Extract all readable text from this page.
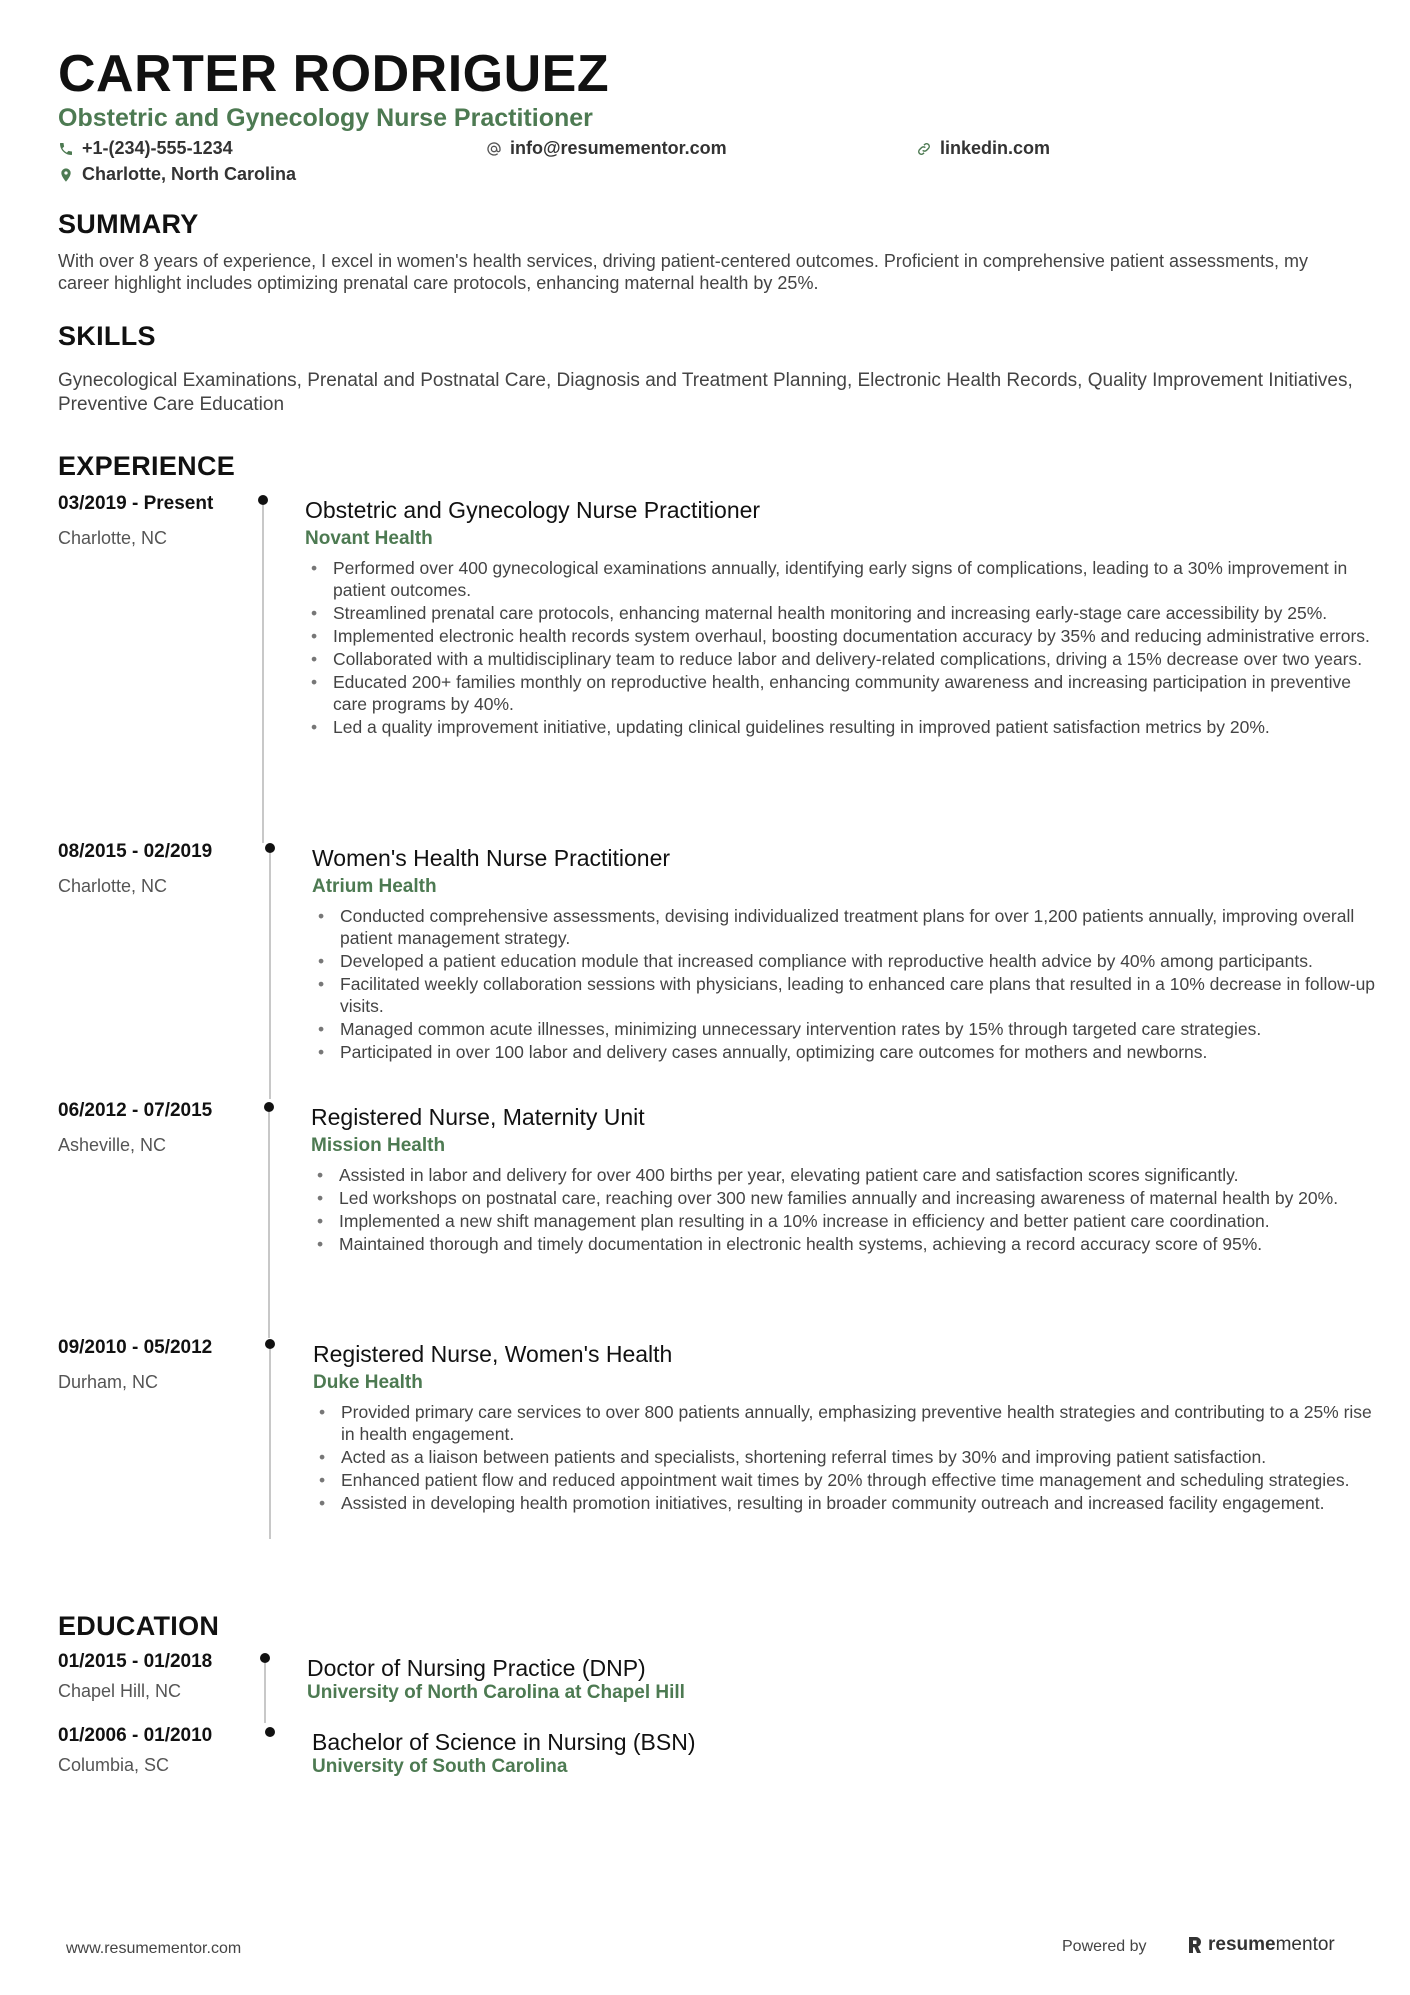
CARTER RODRIGUEZ
Obstetric and Gynecology Nurse Practitioner
+1-(234)-555-1234	info@resumementor.com	linkedin.com
Charlotte, North Carolina
SUMMARY
With over 8 years of experience, I excel in women's health services, driving patient-centered outcomes. Proficient in comprehensive patient assessments, my career highlight includes optimizing prenatal care protocols, enhancing maternal health by 25%.
SKILLS
Gynecological Examinations, Prenatal and Postnatal Care, Diagnosis and Treatment Planning, Electronic Health Records, Quality Improvement Initiatives, Preventive Care Education
EXPERIENCE
03/2019 - Present
Charlotte, NC
Obstetric and Gynecology Nurse Practitioner
Novant Health
• Performed over 400 gynecological examinations annually, identifying early signs of complications, leading to a 30% improvement in patient outcomes.
• Streamlined prenatal care protocols, enhancing maternal health monitoring and increasing early-stage care accessibility by 25%.
• Implemented electronic health records system overhaul, boosting documentation accuracy by 35% and reducing administrative errors.
• Collaborated with a multidisciplinary team to reduce labor and delivery-related complications, driving a 15% decrease over two years.
• Educated 200+ families monthly on reproductive health, enhancing community awareness and increasing participation in preventive care programs by 40%.
• Led a quality improvement initiative, updating clinical guidelines resulting in improved patient satisfaction metrics by 20%.
08/2015 - 02/2019
Charlotte, NC
Women's Health Nurse Practitioner
Atrium Health
• Conducted comprehensive assessments, devising individualized treatment plans for over 1,200 patients annually, improving overall patient management strategy.
• Developed a patient education module that increased compliance with reproductive health advice by 40% among participants.
• Facilitated weekly collaboration sessions with physicians, leading to enhanced care plans that resulted in a 10% decrease in follow-up visits.
• Managed common acute illnesses, minimizing unnecessary intervention rates by 15% through targeted care strategies.
• Participated in over 100 labor and delivery cases annually, optimizing care outcomes for mothers and newborns.
06/2012 - 07/2015
Asheville, NC
Registered Nurse, Maternity Unit
Mission Health
• Assisted in labor and delivery for over 400 births per year, elevating patient care and satisfaction scores significantly.
• Led workshops on postnatal care, reaching over 300 new families annually and increasing awareness of maternal health by 20%.
• Implemented a new shift management plan resulting in a 10% increase in efficiency and better patient care coordination.
• Maintained thorough and timely documentation in electronic health systems, achieving a record accuracy score of 95%.
09/2010 - 05/2012
Durham, NC
Registered Nurse, Women's Health
Duke Health
• Provided primary care services to over 800 patients annually, emphasizing preventive health strategies and contributing to a 25% rise in health engagement.
• Acted as a liaison between patients and specialists, shortening referral times by 30% and improving patient satisfaction.
• Enhanced patient flow and reduced appointment wait times by 20% through effective time management and scheduling strategies.
• Assisted in developing health promotion initiatives, resulting in broader community outreach and increased facility engagement.
EDUCATION
01/2015 - 01/2018
Chapel Hill, NC
Doctor of Nursing Practice (DNP)
University of North Carolina at Chapel Hill
01/2006 - 01/2010
Columbia, SC
Bachelor of Science in Nursing (BSN)
University of South Carolina
www.resumementor.com	Powered by	resume mentor
